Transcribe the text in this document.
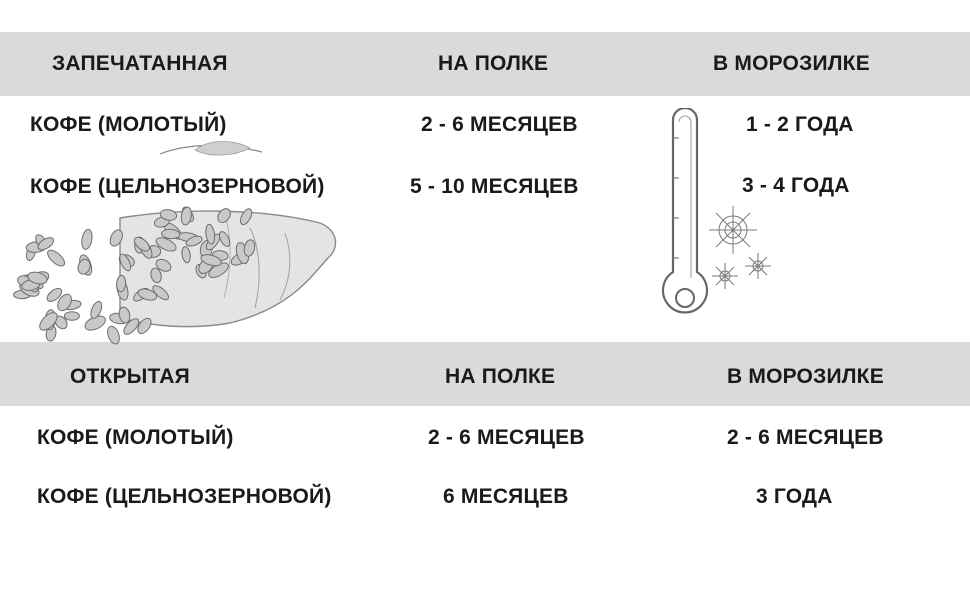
ЗАПЕЧАТАННАЯ	НА ПОЛКЕ	В МОРОЗИЛКЕ
КОФЕ (МОЛОТЫЙ)	2 - 6 МЕСЯЦЕВ	1 - 2 ГОДА
КОФЕ (ЦЕЛЬНОЗЕРНОВОЙ)	5 - 10 МЕСЯЦЕВ	3 - 4 ГОДА
ОТКРЫТАЯ	НА ПОЛКЕ	В МОРОЗИЛКЕ
КОФЕ (МОЛОТЫЙ)	2 - 6 МЕСЯЦЕВ	2 - 6 МЕСЯЦЕВ
КОФЕ (ЦЕЛЬНОЗЕРНОВОЙ)	6 МЕСЯЦЕВ	3 ГОДА
